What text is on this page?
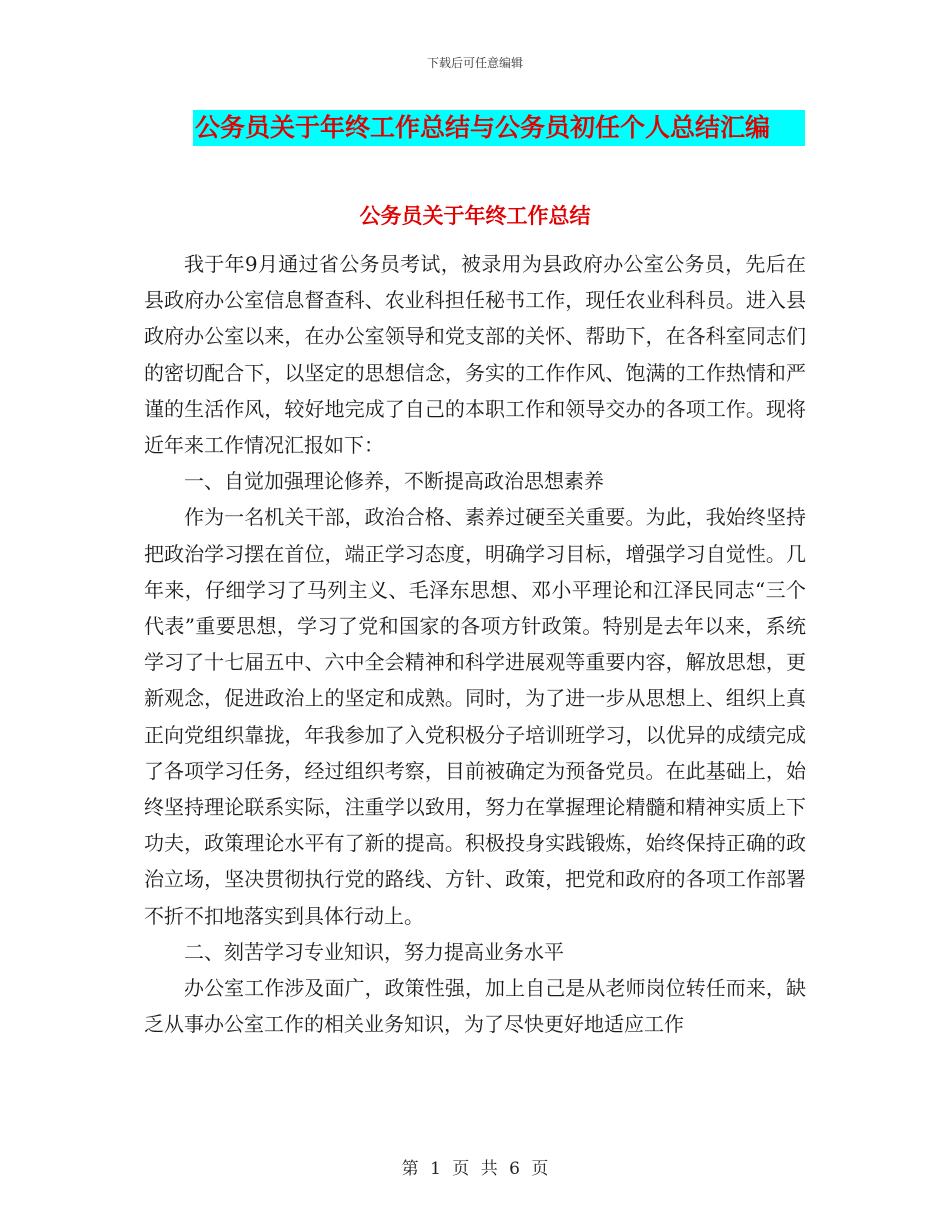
下载后可任意编辑
公务员关于年终工作总结与公务员初任个人总结汇编
公务员关于年终工作总结

我于年9月通过省公务员考试，被录用为县政府办公室公务员，先后在县政府办公室信息督查科、农业科担任秘书工作，现任农业科科员。进入县政府办公室以来，在办公室领导和党支部的关怀、帮助下，在各科室同志们的密切配合下，以坚定的思想信念，务实的工作作风、饱满的工作热情和严谨的生活作风，较好地完成了自己的本职工作和领导交办的各项工作。现将近年来工作情况汇报如下：

一、自觉加强理论修养，不断提高政治思想素养

作为一名机关干部，政治合格、素养过硬至关重要。为此，我始终坚持把政治学习摆在首位，端正学习态度，明确学习目标，增强学习自觉性。几年来，仔细学习了马列主义、毛泽东思想、邓小平理论和江泽民同志“三个代表”重要思想，学习了党和国家的各项方针政策。特别是去年以来，系统学习了十七届五中、六中全会精神和科学进展观等重要内容，解放思想，更新观念，促进政治上的坚定和成熟。同时，为了进一步从思想上、组织上真正向党组织靠拢，年我参加了入党积极分子培训班学习，以优异的成绩完成了各项学习任务，经过组织考察，目前被确定为预备党员。在此基础上，始终坚持理论联系实际，注重学以致用，努力在掌握理论精髓和精神实质上下功夫，政策理论水平有了新的提高。积极投身实践锻炼，始终保持正确的政治立场，坚决贯彻执行党的路线、方针、政策，把党和政府的各项工作部署不折不扣地落实到具体行动上。

二、刻苦学习专业知识，努力提高业务水平

办公室工作涉及面广，政策性强，加上自己是从老师岗位转任而来，缺乏从事办公室工作的相关业务知识，为了尽快更好地适应工作

第 1 页 共 6 页
